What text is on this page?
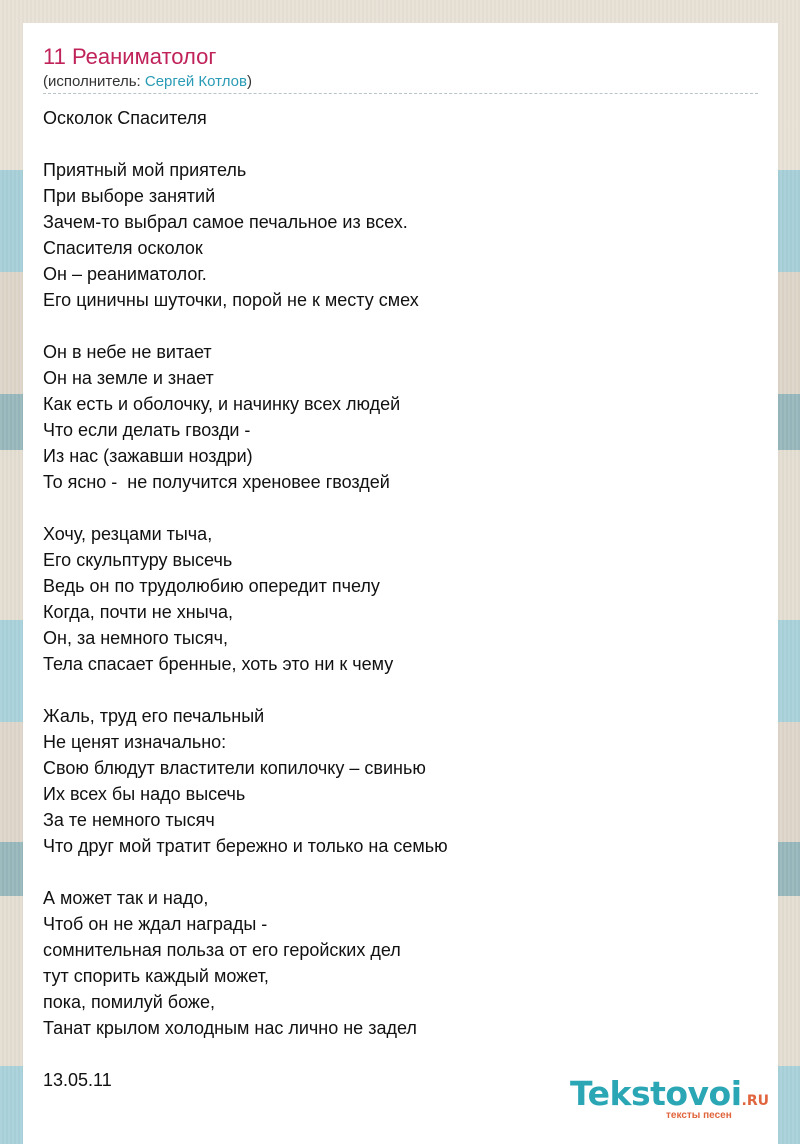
11 Реаниматолог
(исполнитель: Сергей Котлов)
Осколок Спасителя
Приятный мой приятель
При выборе занятий
Зачем-то выбрал самое печальное из всех.
Спасителя осколок
Он – реаниматолог.
Его циничны шуточки, порой не к месту смех
Он в небе не витает
Он на земле и знает
Как есть и оболочку, и начинку всех людей
Что если делать гвозди -
Из нас (зажавши ноздри)
То ясно -  не получится хреновее гвоздей
Хочу, резцами тыча,
Его скульптуру высечь
Ведь он по трудолюбию опередит пчелу
Когда, почти не хныча,
Он, за немного тысяч,
Тела спасает бренные, хоть это ни к чему
Жаль, труд его печальный
Не ценят изначально:
Свою блюдут властители копилочку – свинью
Их всех бы надо высечь
За те немного тысяч
Что друг мой тратит бережно и только на семью
А может так и надо,
Чтоб он не ждал награды -
сомнительная польза от его геройских дел
тут спорить каждый может,
пока, помилуй боже,
Танат крылом холодным нас лично не задел
13.05.11	Tekstovoi.RU
тексты песен
